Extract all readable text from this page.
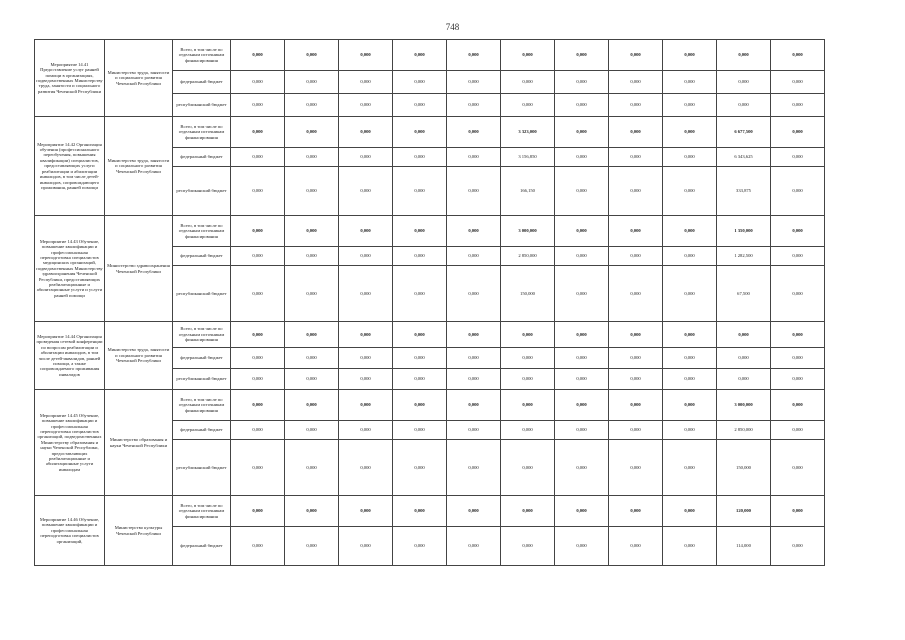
748
Мероприятие 14.41 Предоставление услуг ранней помощи в организациях, подведомственных Министерству труда, занятости и социального развития Чеченской Республики	Министерство труда, занятости и социального развития Чеченской Республики	Всего, в том числе по отдельным источникам финансирования	0,000	0,000	0,000	0,000	0,000	0,000	0,000	0,000	0,000	0,000	0,000
		федеральный бюджет	0,000	0,000	0,000	0,000	0,000	0,000	0,000	0,000	0,000	0,000	0,000
		республиканский бюджет	0,000	0,000	0,000	0,000	0,000	0,000	0,000	0,000	0,000	0,000	0,000
Мероприятие 14.42 Организация обучения (профессионального переобучения, повышения квалификации) специалистов, предоставляющих услуги реабилитации и абилитации инвалидов, в том числе детей-инвалидов, сопровождающего проживания, ранней помощи	Министерство труда, занятости и социального развития Чеченской Республики	Всего, в том числе по отдельным источникам финансирования	0,000	0,000	0,000	0,000	0,000	3 323,000	0,000	0,000	0,000	6 677,500	0,000
		федеральный бюджет	0,000	0,000	0,000	0,000	0,000	3 156,850	0,000	0,000	0,000	6 343,625	0,000
		республиканский бюджет	0,000	0,000	0,000	0,000	0,000	166,150	0,000	0,000	0,000	333,875	0,000
Мероприятие 14.43 Обучение, повышение квалификации и профессиональная переподготовка специалистов медицинских организаций, подведомственных Министерству здравоохранения Чеченской Республики, предоставляющих реабилитационные и абилитационные услуги и услуги ранней помощи	Министерство здравоохранения Чеченской Республики	Всего, в том числе по отдельным источникам финансирования	0,000	0,000	0,000	0,000	0,000	3 000,000	0,000	0,000	0,000	1 350,000	0,000
		федеральный бюджет	0,000	0,000	0,000	0,000	0,000	2 850,000	0,000	0,000	0,000	1 282,500	0,000
		республиканский бюджет	0,000	0,000	0,000	0,000	0,000	150,000	0,000	0,000	0,000	67,500	0,000
Мероприятие 14.44 Организация проведения сетевой конференции по вопросам реабилитации и абилитации инвалидов, в том числе детей-инвалидов, ранней помощи, а также сопровождаемого проживания инвалидов	Министерство труда, занятости и социального развития Чеченской Республики	Всего, в том числе по отдельным источникам финансирования	0,000	0,000	0,000	0,000	0,000	0,000	0,000	0,000	0,000	0,000	0,000
		федеральный бюджет	0,000	0,000	0,000	0,000	0,000	0,000	0,000	0,000	0,000	0,000	0,000
		республиканский бюджет	0,000	0,000	0,000	0,000	0,000	0,000	0,000	0,000	0,000	0,000	0,000
Мероприятие 14.45 Обучение, повышение квалификации и профессиональная переподготовка специалистов организаций, подведомственных Министерству образования и науки Чеченской Республики, предоставляющих реабилитационные и абилитационные услуги инвалидам	Министерство образования и науки Чеченской Республики	Всего, в том числе по отдельным источникам финансирования	0,000	0,000	0,000	0,000	0,000	0,000	0,000	0,000	0,000	3 000,000	0,000
		федеральный бюджет	0,000	0,000	0,000	0,000	0,000	0,000	0,000	0,000	0,000	2 850,000	0,000
		республиканский бюджет	0,000	0,000	0,000	0,000	0,000	0,000	0,000	0,000	0,000	150,000	0,000
Мероприятие 14.46 Обучение, повышение квалификации и профессиональная переподготовка специалистов организаций,	Министерство культуры Чеченской Республики	Всего, в том числе по отдельным источникам финансирования	0,000	0,000	0,000	0,000	0,000	0,000	0,000	0,000	0,000	120,000	0,000
		федеральный бюджет	0,000	0,000	0,000	0,000	0,000	0,000	0,000	0,000	0,000	114,000	0,000
